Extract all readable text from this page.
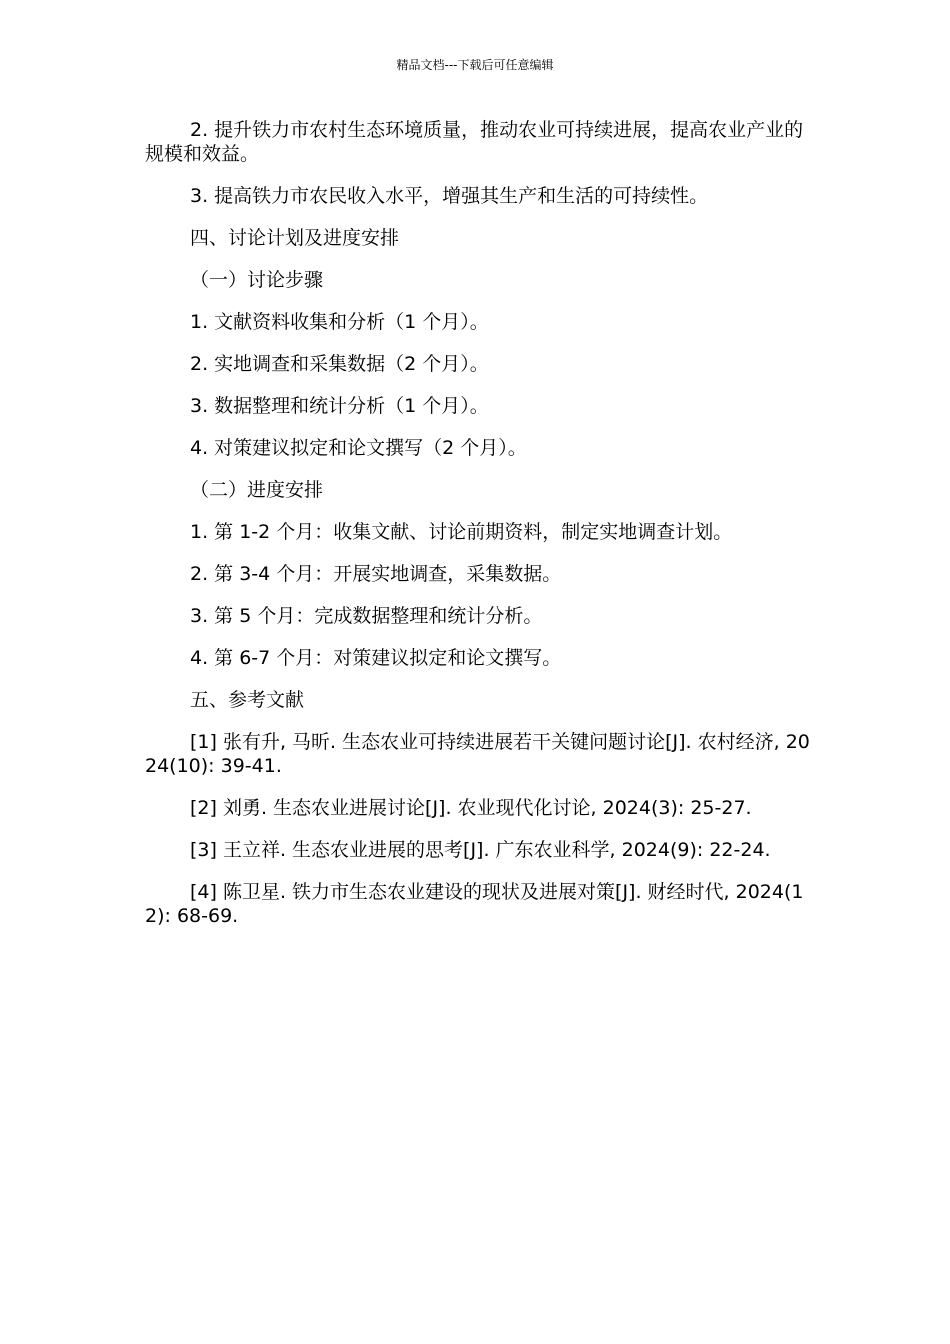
精品文档---下载后可任意编辑

2. 提升铁力市农村生态环境质量，推动农业可持续进展，提高农业产业的规模和效益。

3. 提高铁力市农民收入水平，增强其生产和生活的可持续性。

四、讨论计划及进度安排

（一）讨论步骤

1. 文献资料收集和分析（1 个月）。

2. 实地调查和采集数据（2 个月）。

3. 数据整理和统计分析（1 个月）。

4. 对策建议拟定和论文撰写（2 个月）。

（二）进度安排

1. 第 1-2 个月：收集文献、讨论前期资料，制定实地调查计划。

2. 第 3-4 个月：开展实地调查，采集数据。

3. 第 5 个月：完成数据整理和统计分析。

4. 第 6-7 个月：对策建议拟定和论文撰写。

五、参考文献

[1] 张有升, 马昕. 生态农业可持续进展若干关键问题讨论[J]. 农村经济, 2024(10): 39-41.

[2] 刘勇. 生态农业进展讨论[J]. 农业现代化讨论, 2024(3): 25-27.

[3] 王立祥. 生态农业进展的思考[J]. 广东农业科学, 2024(9): 22-24.

[4] 陈卫星. 铁力市生态农业建设的现状及进展对策[J]. 财经时代, 2024(12): 68-69.
